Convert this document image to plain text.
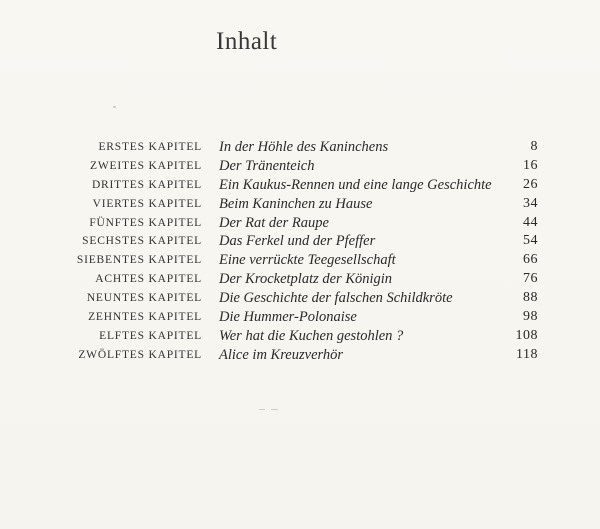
Inhalt
ERSTES KAPITEL In der Höhle des Kaninchens	8
ZWEITES KAPITEL Der Tränenteich	16
DRITTES KAPITEL Ein Kaukus-Rennen und eine lange Geschichte 26
VIERTES KAPITEL Beim Kaninchen zu Hause	34
FÜNFTES KAPITEL Der Rat der Raupe	44
SECHSTES KAPITEL Das Ferkel und der Pfeffer	54
SIEBENTES KAPITEL Eine verrückte Teegesellschaft	66
ACHTES KAPITEL Der Krocketplatz der Königin	76
NEUNTES KAPITEL Die Geschichte der falschen Schildkröte	88
ZEHNTES KAPITEL Die Hummer-Polonaise	98
ELFTES KAPITEL Wer hat die Kuchen gestohlen ?	108
ZWÖLFTES KAPITEL Alice im Kreuzverhör	118
